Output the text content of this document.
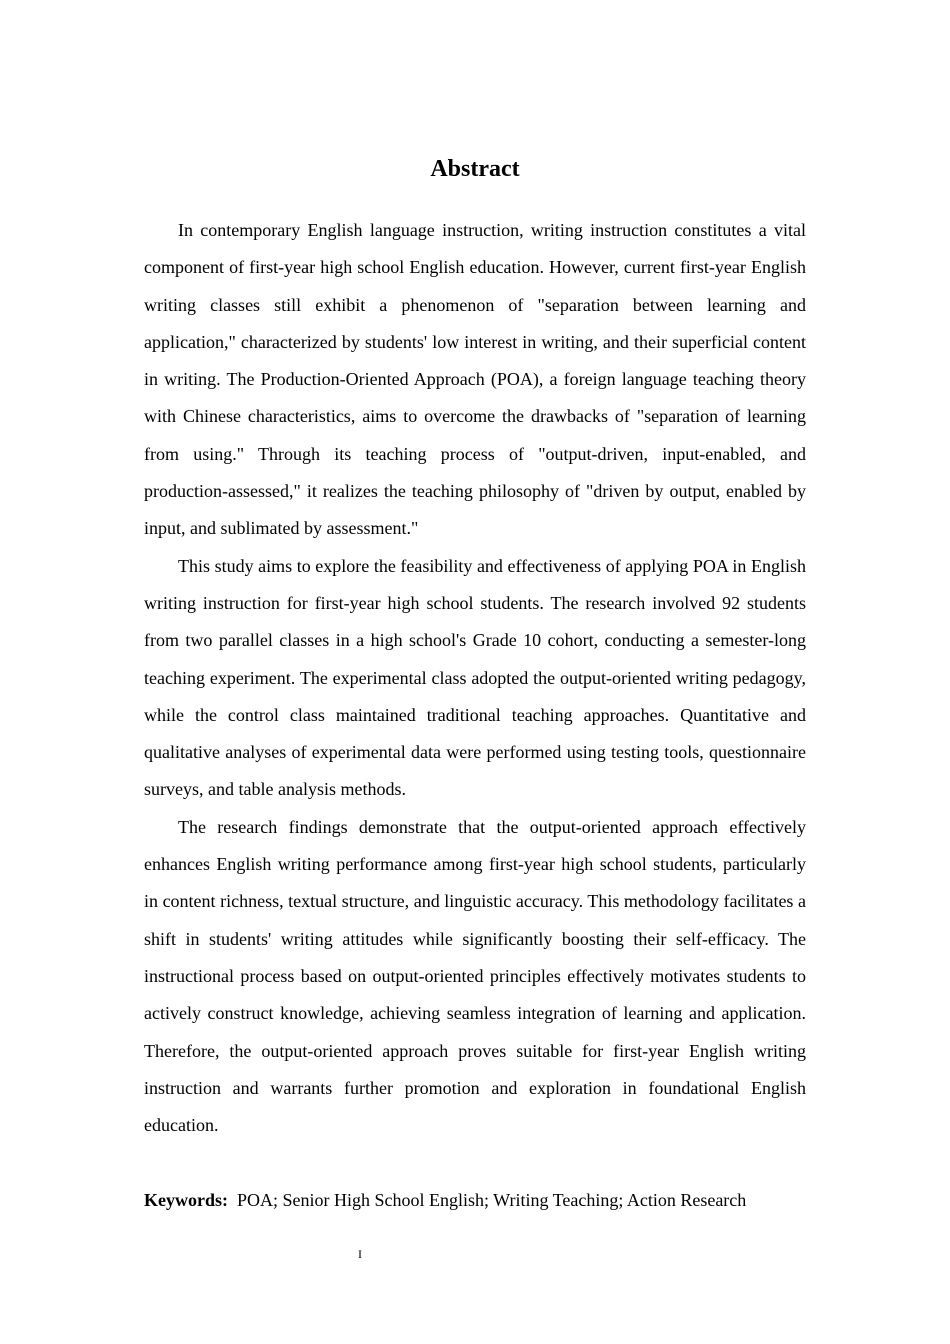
Abstract

In contemporary English language instruction, writing instruction constitutes a vital component of first-year high school English education. However, current first-year English writing classes still exhibit a phenomenon of "separation between learning and application," characterized by students' low interest in writing, and their superficial content in writing. The Production-Oriented Approach (POA), a foreign language teaching theory with Chinese characteristics, aims to overcome the drawbacks of "separation of learning from using." Through its teaching process of "output-driven, input-enabled, and production-assessed," it realizes the teaching philosophy of "driven by output, enabled by input, and sublimated by assessment."

This study aims to explore the feasibility and effectiveness of applying POA in English writing instruction for first-year high school students. The research involved 92 students from two parallel classes in a high school's Grade 10 cohort, conducting a semester-long teaching experiment. The experimental class adopted the output-oriented writing pedagogy, while the control class maintained traditional teaching approaches. Quantitative and qualitative analyses of experimental data were performed using testing tools, questionnaire surveys, and table analysis methods.

The research findings demonstrate that the output-oriented approach effectively enhances English writing performance among first-year high school students, particularly in content richness, textual structure, and linguistic accuracy. This methodology facilitates a shift in students' writing attitudes while significantly boosting their self-efficacy. The instructional process based on output-oriented principles effectively motivates students to actively construct knowledge, achieving seamless integration of learning and application. Therefore, the output-oriented approach proves suitable for first-year English writing instruction and warrants further promotion and exploration in foundational English education.

Keywords: POA; Senior High School English; Writing Teaching; Action Research
I
